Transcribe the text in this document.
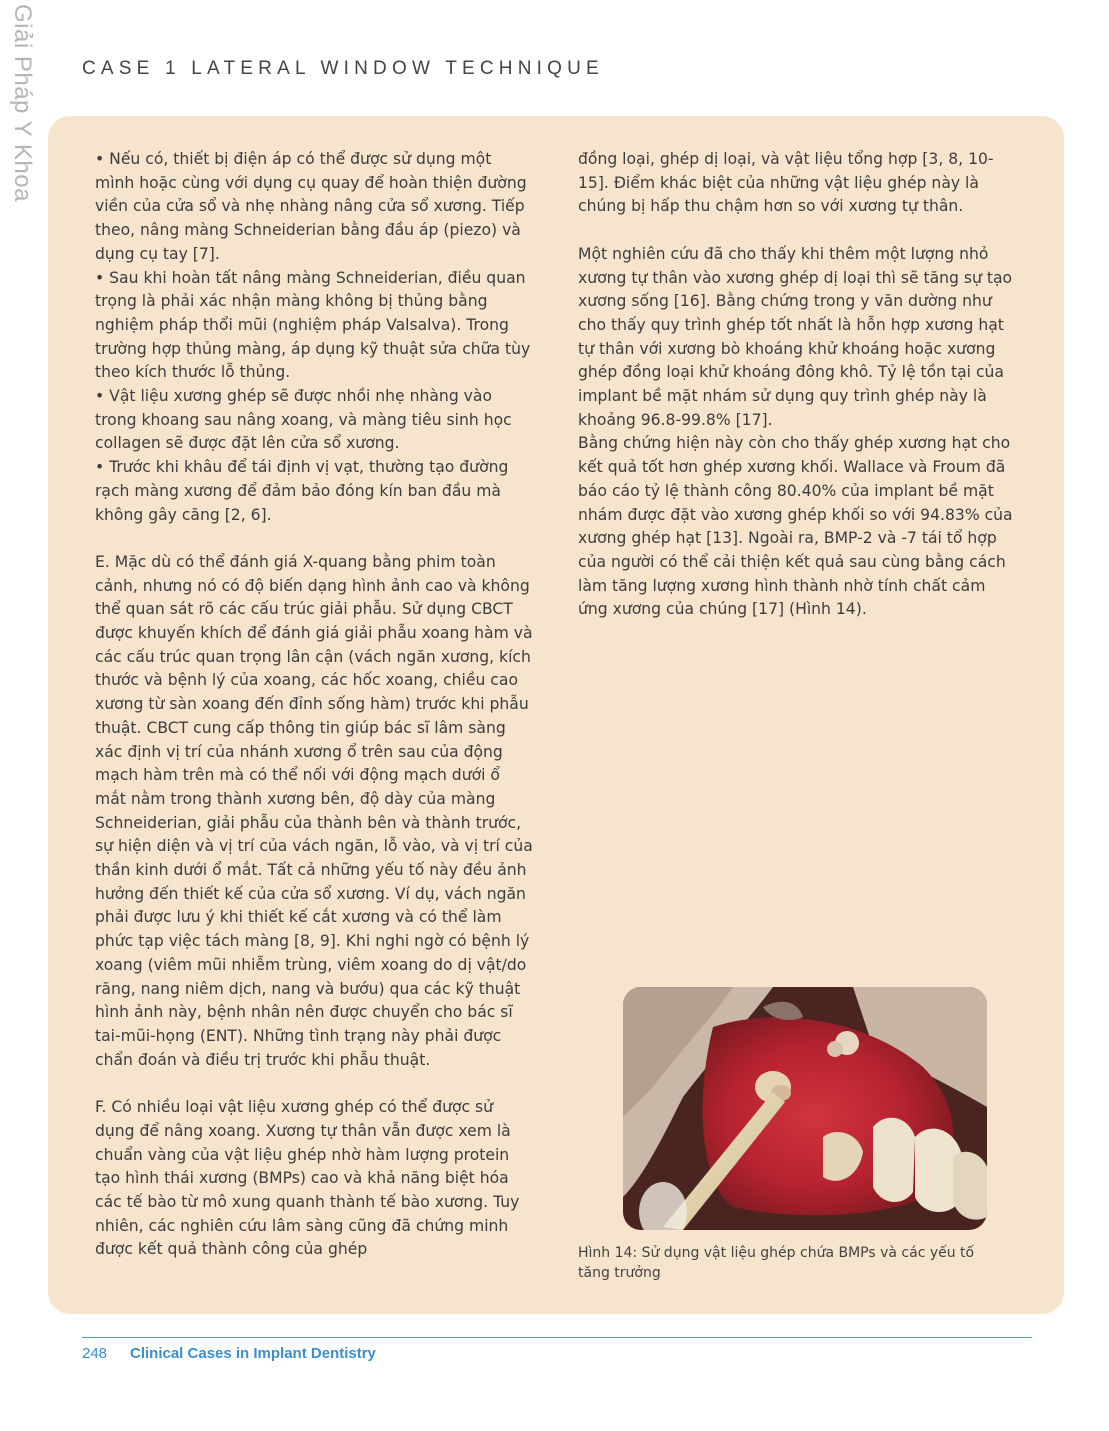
Giải Pháp Y Khoa CASE 1 LATERAL WINDOW TECHNIQUE

• Nếu có, thiết bị điện áp có thể được sử dụng một mình hoặc cùng với dụng cụ quay để hoàn thiện đường viền của cửa sổ và nhẹ nhàng nâng cửa sổ xương. Tiếp theo, nâng màng Schneiderian bằng đầu áp (piezo) và dụng cụ tay [7].

• Sau khi hoàn tất nâng màng Schneiderian, điều quan trọng là phải xác nhận màng không bị thủng bằng nghiệm pháp thổi mũi (nghiệm pháp Valsalva). Trong trường hợp thủng màng, áp dụng kỹ thuật sửa chữa tùy theo kích thước lỗ thủng.

• Vật liệu xương ghép sẽ được nhồi nhẹ nhàng vào trong khoang sau nâng xoang, và màng tiêu sinh học collagen sẽ được đặt lên cửa sổ xương.

• Trước khi khâu để tái định vị vạt, thường tạo đường rạch màng xương để đảm bảo đóng kín ban đầu mà không gây căng [2, 6].

E. Mặc dù có thể đánh giá X-quang bằng phim toàn cảnh, nhưng nó có độ biến dạng hình ảnh cao và không thể quan sát rõ các cấu trúc giải phẫu. Sử dụng CBCT được khuyến khích để đánh giá giải phẫu xoang hàm và các cấu trúc quan trọng lân cận (vách ngăn xương, kích thước và bệnh lý của xoang, các hốc xoang, chiều cao xương từ sàn xoang đến đỉnh sống hàm) trước khi phẫu thuật. CBCT cung cấp thông tin giúp bác sĩ lâm sàng xác định vị trí của nhánh xương ổ trên sau của động mạch hàm trên mà có thể nối với động mạch dưới ổ mắt nằm trong thành xương bên, độ dày của màng Schneiderian, giải phẫu của thành bên và thành trước, sự hiện diện và vị trí của vách ngăn, lỗ vào, và vị trí của thần kinh dưới ổ mắt. Tất cả những yếu tố này đều ảnh hưởng đến thiết kế của cửa sổ xương. Ví dụ, vách ngăn phải được lưu ý khi thiết kế cắt xương và có thể làm phức tạp việc tách màng [8, 9]. Khi nghi ngờ có bệnh lý xoang (viêm mũi nhiễm trùng, viêm xoang do dị vật/do răng, nang niêm dịch, nang và bướu) qua các kỹ thuật hình ảnh này, bệnh nhân nên được chuyển cho bác sĩ tai-mũi-họng (ENT). Những tình trạng này phải được chẩn đoán và điều trị trước khi phẫu thuật.

F. Có nhiều loại vật liệu xương ghép có thể được sử dụng để nâng xoang. Xương tự thân vẫn được xem là chuẩn vàng của vật liệu ghép nhờ hàm lượng protein tạo hình thái xương (BMPs) cao và khả năng biệt hóa các tế bào từ mô xung quanh thành tế bào xương. Tuy nhiên, các nghiên cứu lâm sàng cũng đã chứng minh được kết quả thành công của ghép

đồng loại, ghép dị loại, và vật liệu tổng hợp [3, 8, 10-15]. Điểm khác biệt của những vật liệu ghép này là chúng bị hấp thu chậm hơn so với xương tự thân.

Một nghiên cứu đã cho thấy khi thêm một lượng nhỏ xương tự thân vào xương ghép dị loại thì sẽ tăng sự tạo xương sống [16]. Bằng chứng trong y văn dường như cho thấy quy trình ghép tốt nhất là hỗn hợp xương hạt tự thân với xương bò khoáng khử khoáng hoặc xương ghép đồng loại khử khoáng đông khô. Tỷ lệ tồn tại của implant bề mặt nhám sử dụng quy trình ghép này là khoảng 96.8-99.8% [17].

Bằng chứng hiện này còn cho thấy ghép xương hạt cho kết quả tốt hơn ghép xương khối. Wallace và Froum đã báo cáo tỷ lệ thành công 80.40% của implant bề mặt nhám được đặt vào xương ghép khối so với 94.83% của xương ghép hạt [13]. Ngoài ra, BMP-2 và -7 tái tổ hợp của người có thể cải thiện kết quả sau cùng bằng cách làm tăng lượng xương hình thành nhờ tính chất cảm ứng xương của chúng [17] (Hình 14).

Hình 14: Sử dụng vật liệu ghép chứa BMPs và các yếu tố tăng trưởng
248 Clinical Cases in Implant Dentistry
